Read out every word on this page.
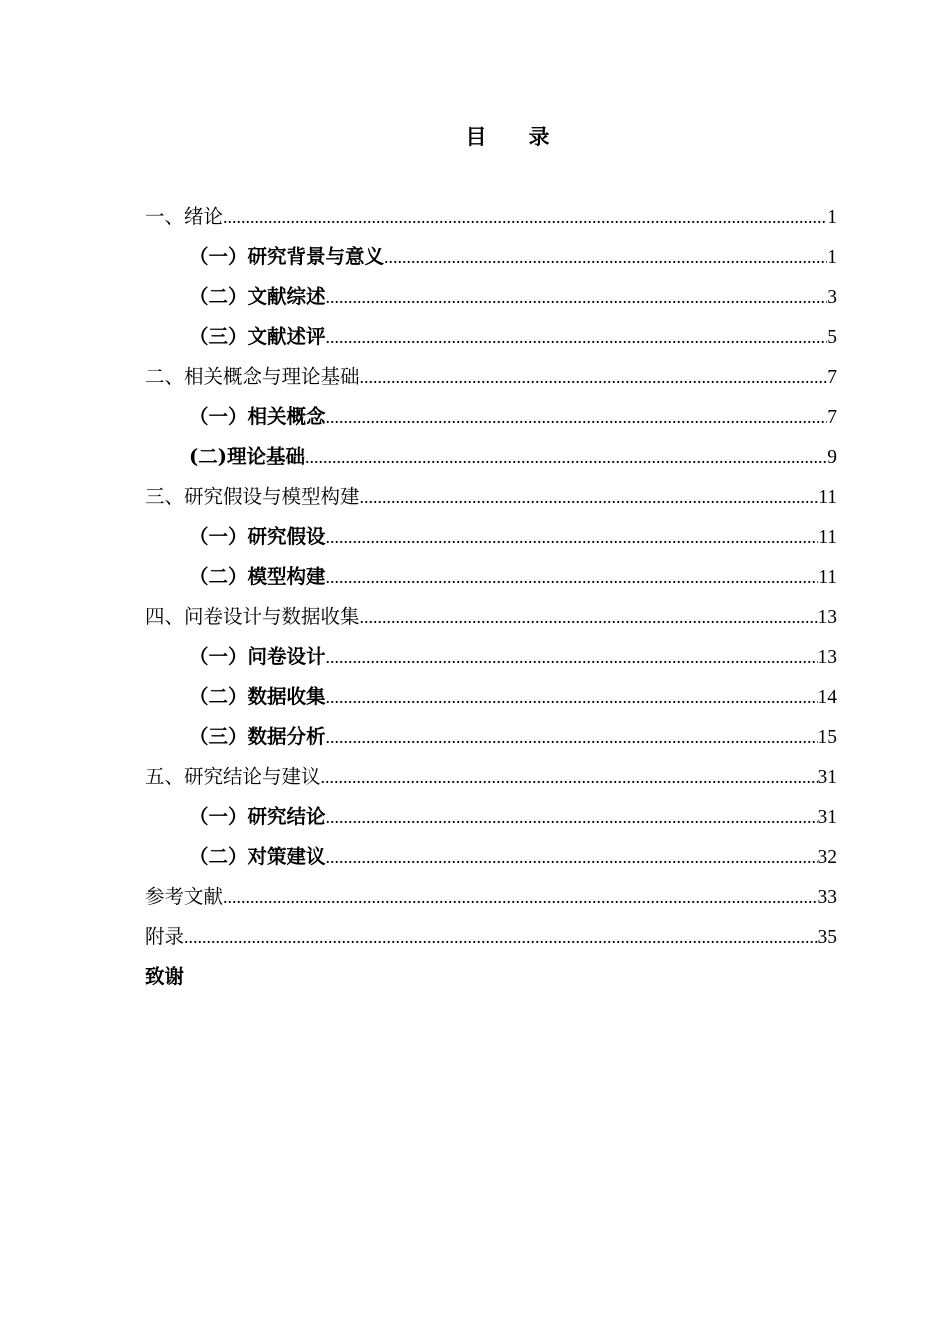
目　　录
一、绪论 .....	1
（一）研究背景与意义 .....	1
（二）文献综述 .....	3
（三）文献述评 .....	5
二、相关概念与理论基础 .....	7
（一）相关概念 .....	7
(二)理论基础 .....	9
三、研究假设与模型构建 .....	11
（一）研究假设 .....	11
（二）模型构建 .....	11
四、问卷设计与数据收集 .....	13
（一）问卷设计 .....	13
（二）数据收集 .....	14
（三）数据分析 .....	15
五、研究结论与建议 .....	31
（一）研究结论 .....	31
（二）对策建议 .....	32
参考文献 .....	33
附录 .....	35
致谢
